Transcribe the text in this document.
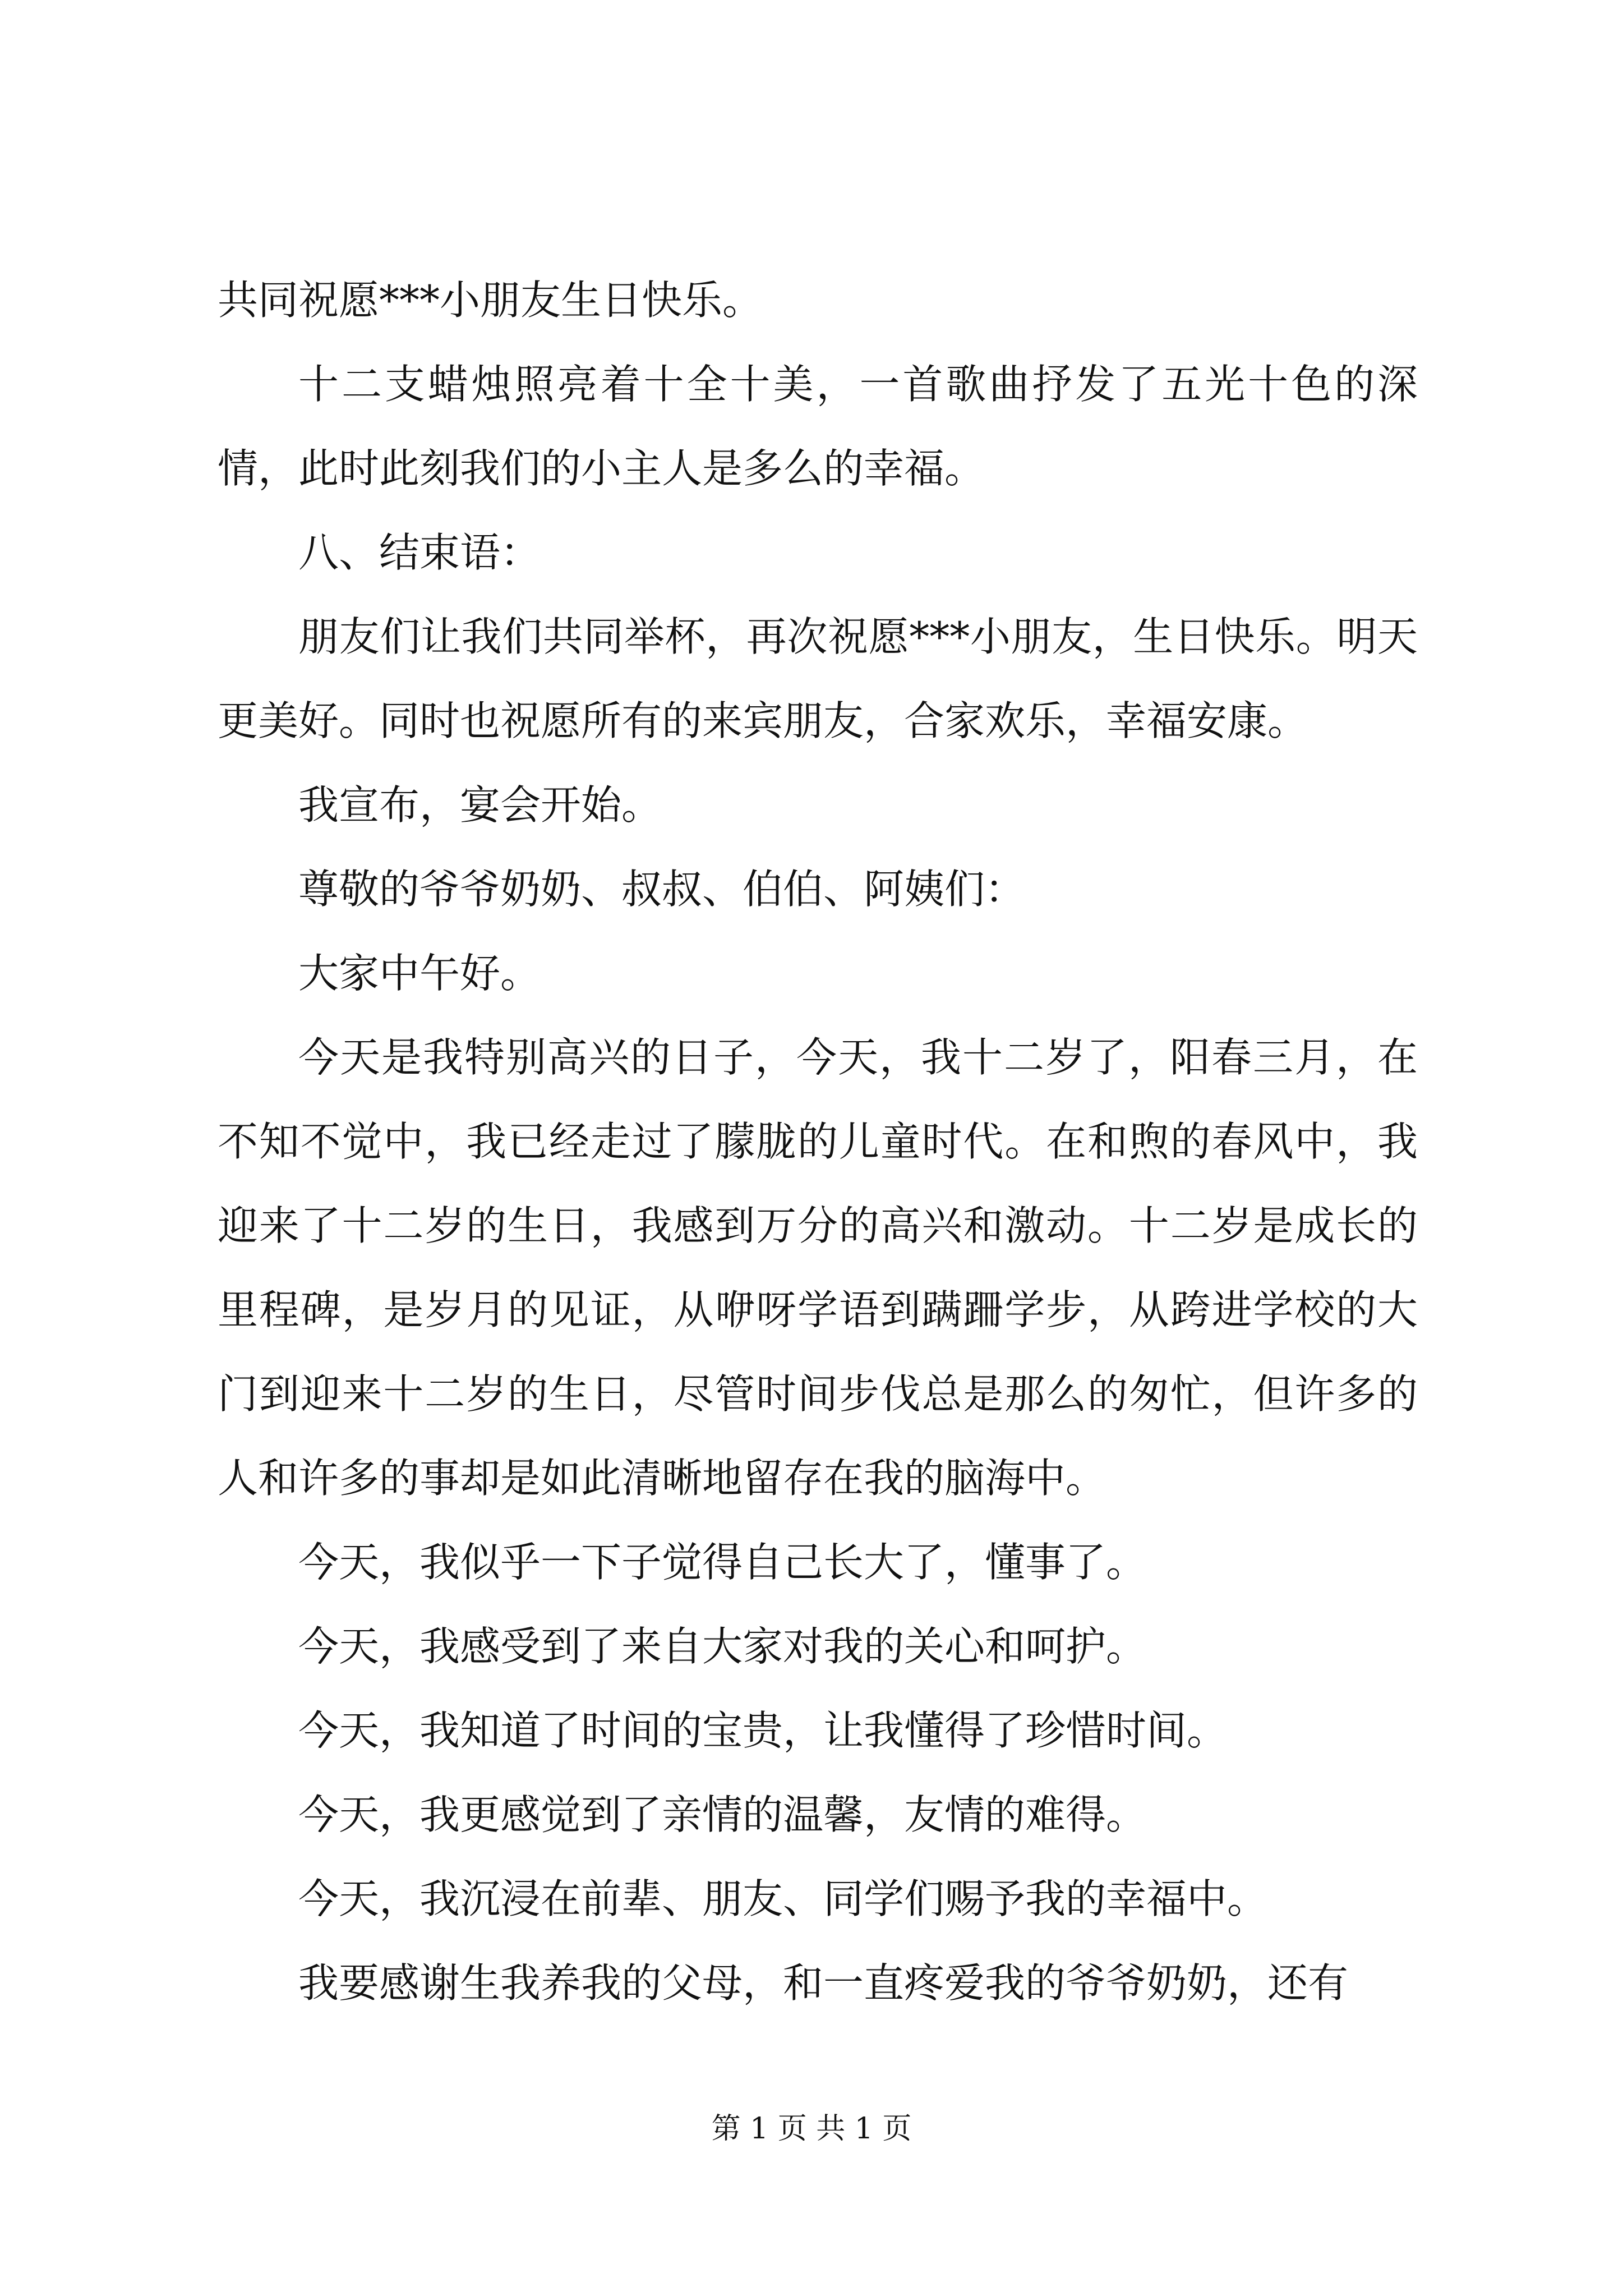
共同祝愿***小朋友生日快乐。

十二支蜡烛照亮着十全十美，一首歌曲抒发了五光十色的深情，此时此刻我们的小主人是多么的幸福。

八、结束语：

朋友们让我们共同举杯，再次祝愿***小朋友，生日快乐。明天更美好。同时也祝愿所有的来宾朋友，合家欢乐，幸福安康。

我宣布，宴会开始。

尊敬的爷爷奶奶、叔叔、伯伯、阿姨们：

大家中午好。

今天是我特别高兴的日子，今天，我十二岁了，阳春三月，在不知不觉中，我已经走过了朦胧的儿童时代。在和煦的春风中，我迎来了十二岁的生日，我感到万分的高兴和激动。十二岁是成长的里程碑，是岁月的见证，从咿呀学语到蹒跚学步，从跨进学校的大门到迎来十二岁的生日，尽管时间步伐总是那么的匆忙，但许多的人和许多的事却是如此清晰地留存在我的脑海中。

今天，我似乎一下子觉得自己长大了，懂事了。

今天，我感受到了来自大家对我的关心和呵护。

今天，我知道了时间的宝贵，让我懂得了珍惜时间。

今天，我更感觉到了亲情的温馨，友情的难得。

今天，我沉浸在前辈、朋友、同学们赐予我的幸福中。

我要感谢生我养我的父母，和一直疼爱我的爷爷奶奶，还有

第 1 页 共 1 页
